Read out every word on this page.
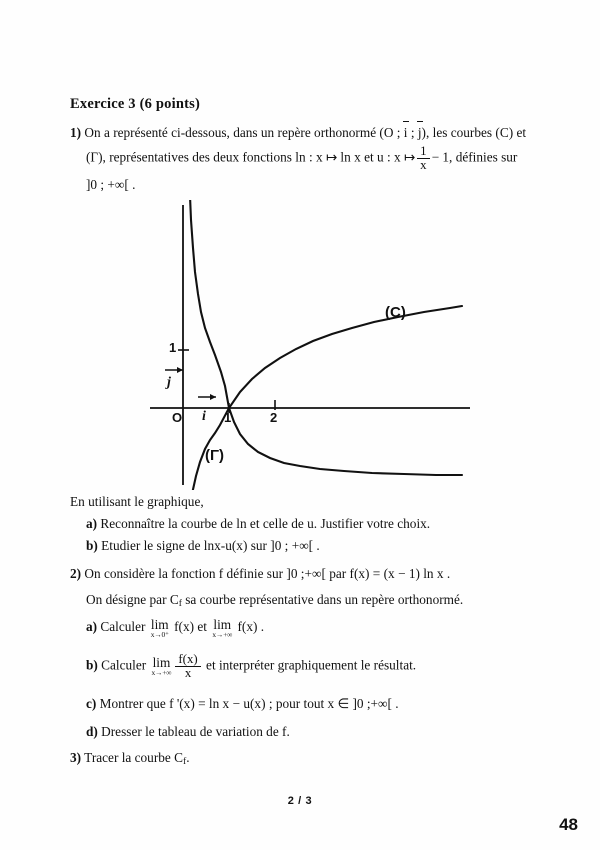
Exercice 3 (6 points)
1) On a représenté ci-dessous, dans un repère orthonormé (O ; i ; j), les courbes (C) et
(Γ), représentatives des deux fonctions ln : x ↦ ln x et u : x ↦ $\frac{1}{x} - 1$, définies sur
]0 ; +∞[ .
(Γ)
(C)
O	1	2
1
i
j
En utilisant le graphique,
a) Reconnaître la courbe de ln et celle de u. Justifier votre choix.
b) Etudier le signe de lnx-u(x) sur ]0 ; +∞[ .
2) On considère la fonction f définie sur ]0 ;+∞[ par f(x) = (x − 1) ln x .
On désigne par Cf sa courbe représentative dans un repère orthonormé.
a) Calculer lim
x→0⁺
f(x) et lim
x→+∞
f(x) .
b) Calculer lim
$x\to+\infty \frac{f(x)}{x}$ et interpréter graphiquement le résultat.
c) Montrer que f '(x) = ln x − u(x) ; pour tout x ∈ ]0 ;+∞[ .
d) Dresser le tableau de variation de f.
3) Tracer la courbe Cf.
2 / 3
48
